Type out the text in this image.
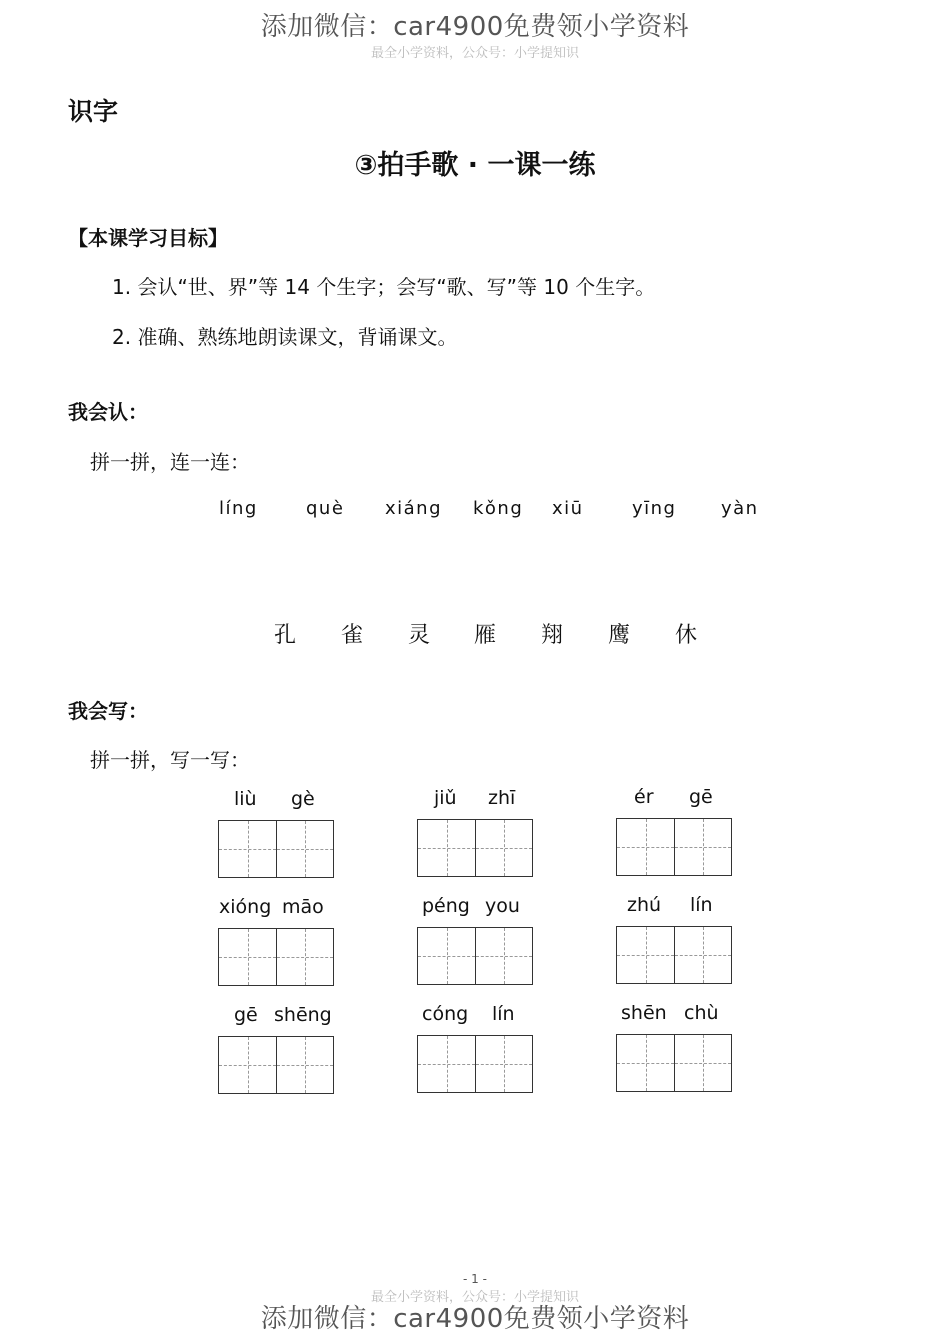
添加微信：car4900免费领小学资料
最全小学资料，公众号：小学提知识
识字
③拍手歌 · 一课一练
【本课学习目标】
1. 会认“世、界”等 14 个生字；会写“歌、写”等 10 个生字。
2. 准确、熟练地朗读课文，背诵课文。
我会认：
拼一拼，连一连：
líng	què xiáng kǒng xiū	yīng yàn
孔 雀 灵 雁 翔 鹰 休
我会写：
拼一拼，写一写：
liù gè	jiǔ zhī	ér gē
xióng māo	péng you	zhú lín
gē shēng	cóng lín	shēn chù
- 1 -
最全小学资料，公众号：小学提知识
添加微信：car4900免费领小学资料
